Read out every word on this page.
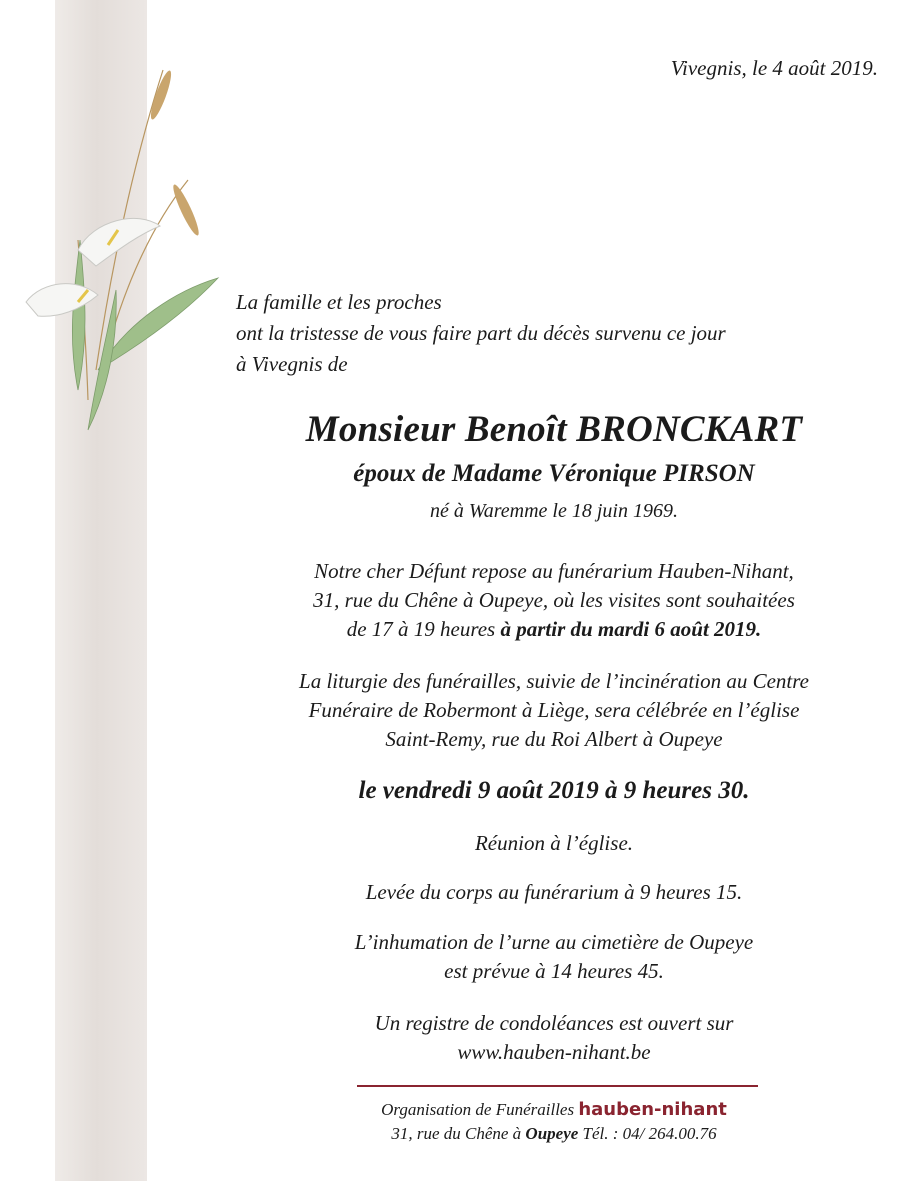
Vivegnis, le 4 août 2019.

La famille et les proches
ont la tristesse de vous faire part du décès survenu ce jour
à Vivegnis de
Monsieur Benoît BRONCKART
époux de Madame Véronique PIRSON
né à Waremme le 18 juin 1969.
Notre cher Défunt repose au funérarium Hauben-Nihant,
31, rue du Chêne à Oupeye, où les visites sont souhaitées
de 17 à 19 heures à partir du mardi 6 août 2019.
La liturgie des funérailles, suivie de l’incinération au Centre
Funéraire de Robermont à Liège, sera célébrée en l’église
Saint-Remy, rue du Roi Albert à Oupeye
le vendredi 9 août 2019 à 9 heures 30.
Réunion à l’église.
Levée du corps au funérarium à 9 heures 15.
L’inhumation de l’urne au cimetière de Oupeye
est prévue à 14 heures 45.
Un registre de condoléances est ouvert sur
www.hauben-nihant.be
Organisation de Funérailles hauben-nihant
31, rue du Chêne à Oupeye Tél. : 04/ 264.00.76
